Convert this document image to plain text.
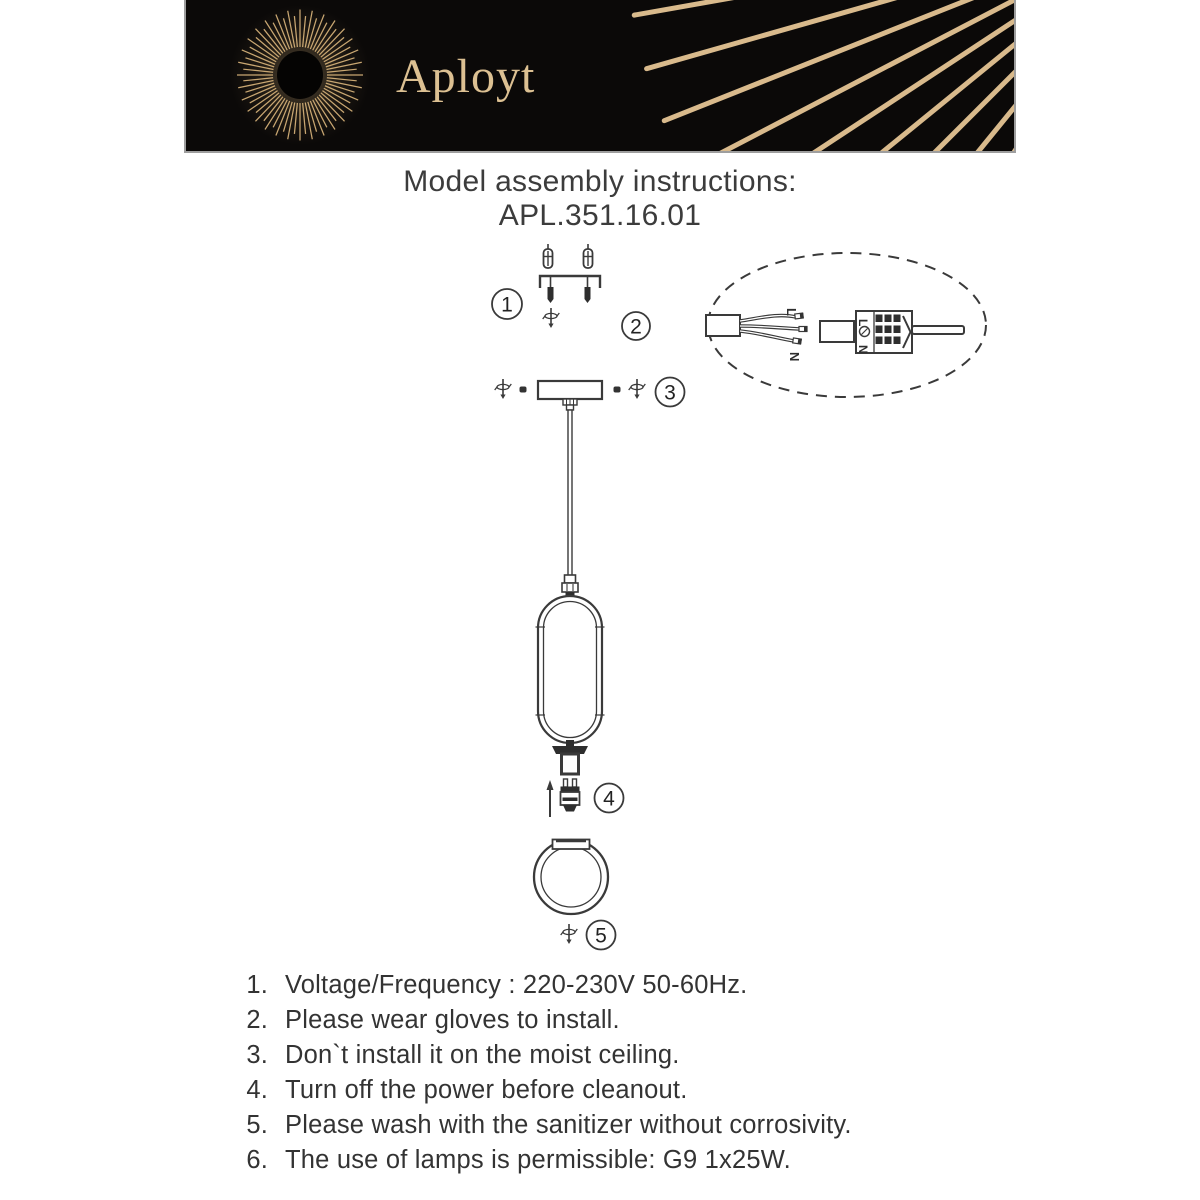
Aployt
Model assembly instructions:
APL.351.16.01
1
2
L
N
L
N
3
4
5
1. Voltage/Frequency : 220-230V 50-60Hz.
2. Please wear gloves to install.
3. Don`t install it on the moist ceiling.
4. Turn off the power before cleanout.
5. Please wash with the sanitizer without corrosivity.
6. The use of lamps is permissible: G9 1x25W.
